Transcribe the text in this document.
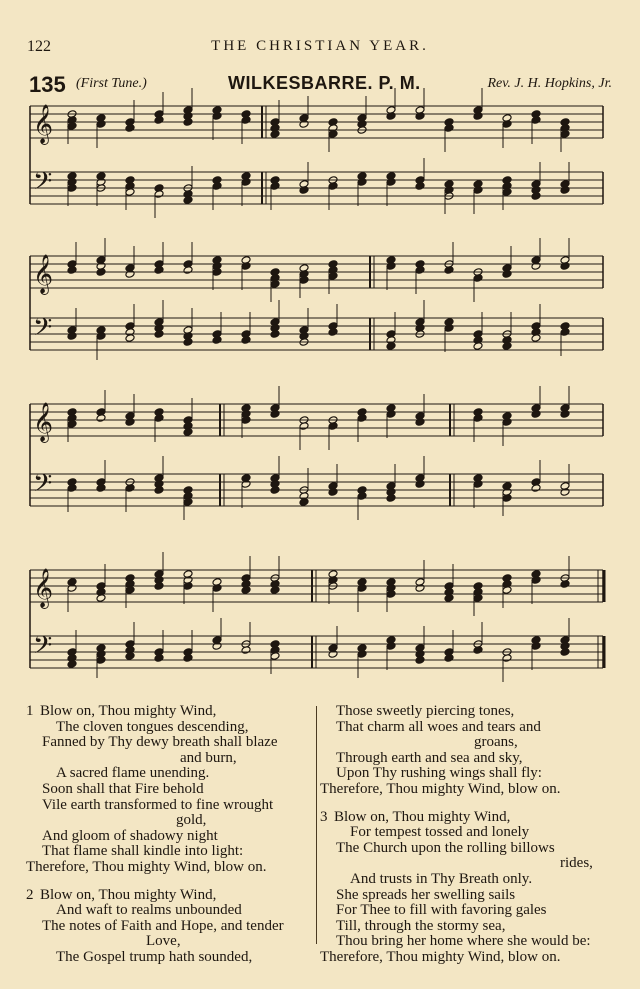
122	THE CHRISTIAN YEAR.
135 (First Tune.)	WILKESBARRE. P. M.	Rev. J. H. Hopkins, Jr.
𝄞
𝄢
𝄞
𝄢
𝄞
𝄢
𝄞
𝄢
1 Blow on, Thou mighty Wind,
The cloven tongues descending,
Fanned by Thy dewy breath shall blaze
and burn,
A sacred flame unending.
Soon shall that Fire behold
Vile earth transformed to fine wrought
gold,
And gloom of shadowy night
That flame shall kindle into light:
Therefore, Thou mighty Wind, blow on.
2 Blow on, Thou mighty Wind,
And waft to realms unbounded
The notes of Faith and Hope, and tender
Love,
The Gospel trump hath sounded,
Those sweetly piercing tones,
That charm all woes and tears and
groans,
Through earth and sea and sky,
Upon Thy rushing wings shall fly:
Therefore, Thou mighty Wind, blow on.
3 Blow on, Thou mighty Wind,
For tempest tossed and lonely
The Church upon the rolling billows
rides,
And trusts in Thy Breath only.
She spreads her swelling sails
For Thee to fill with favoring gales
Till, through the stormy sea,
Thou bring her home where she would be:
Therefore, Thou mighty Wind, blow on.
